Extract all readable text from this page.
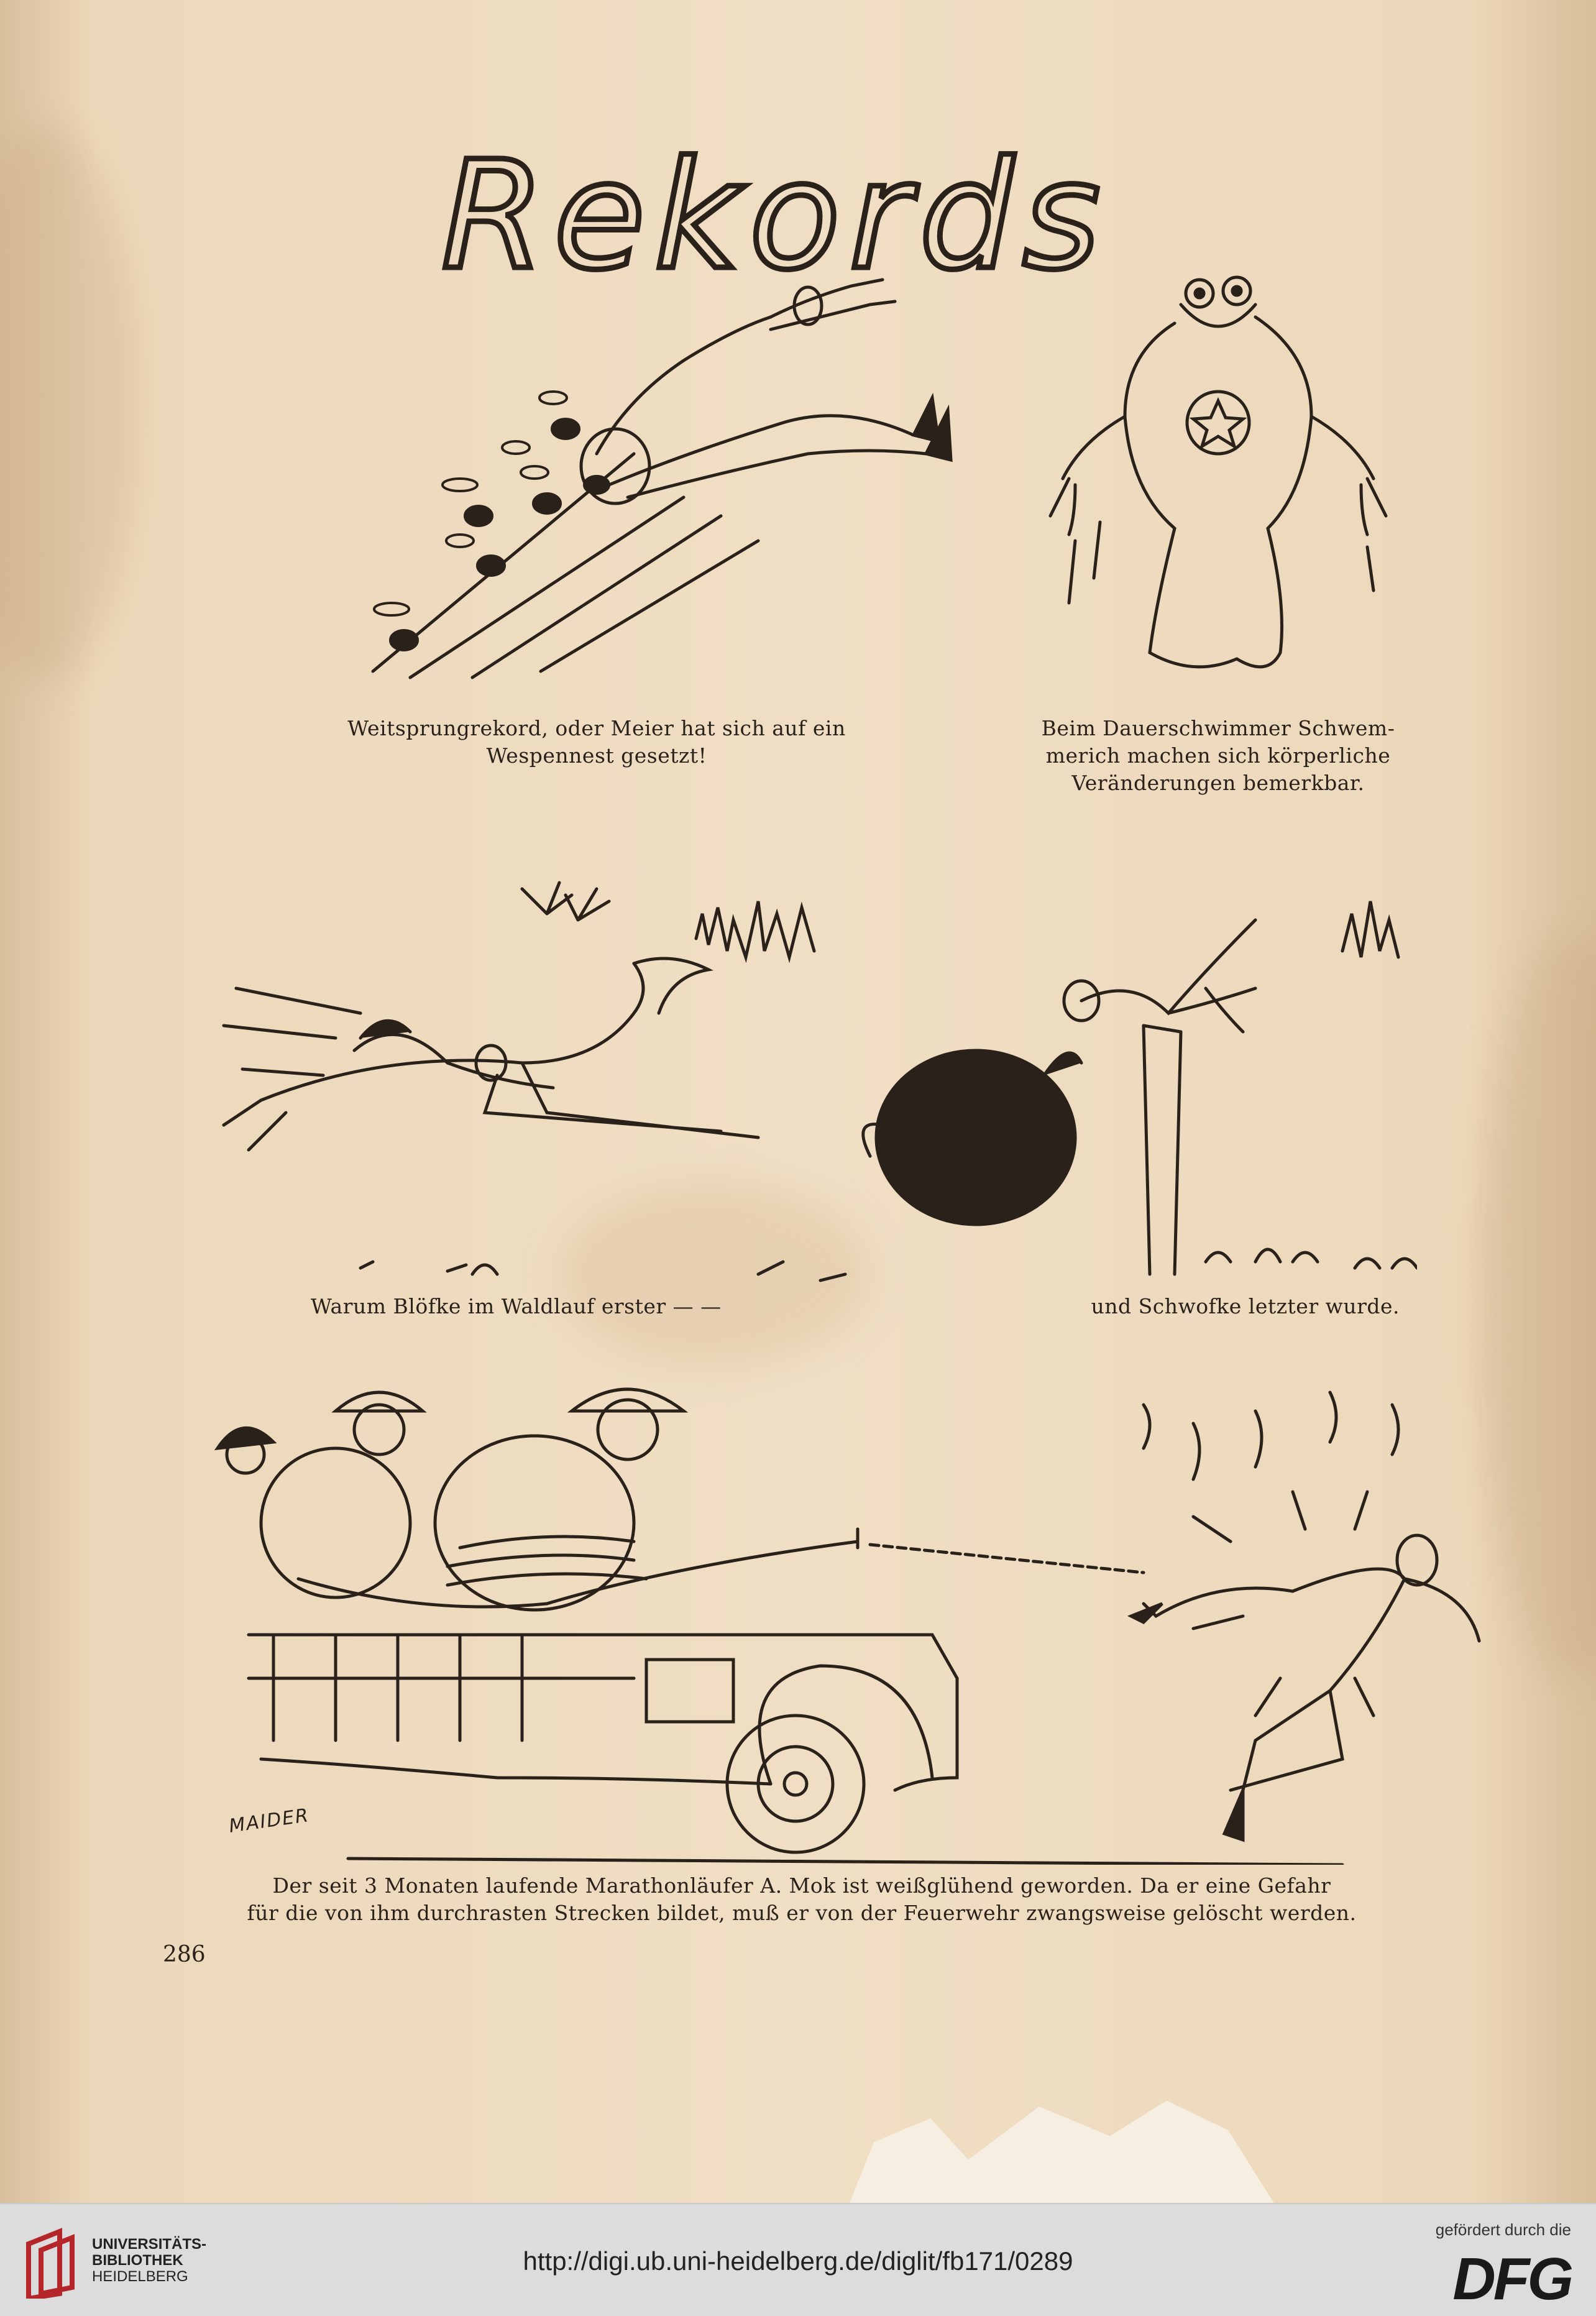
Rekords
Weitsprungrekord, oder Meier hat sich auf ein
Wespennest gesetzt!
Beim Dauerschwimmer Schwem-
merich machen sich körperliche
Veränderungen bemerkbar.
Warum Blöfke im Waldlauf erster — —	und Schwofke letzter wurde.
MAIDER
Der seit 3 Monaten laufende Marathonläufer A. Mok ist weißglühend geworden. Da er eine Gefahr
für die von ihm durchrasten Strecken bildet, muß er von der Feuerwehr zwangsweise gelöscht werden.
286
UNIVERSITÄTS-
BIBLIOTHEK
HEIDELBERG
http://digi.ub.uni-heidelberg.de/diglit/fb171/0289
gefördert durch die
DFG
